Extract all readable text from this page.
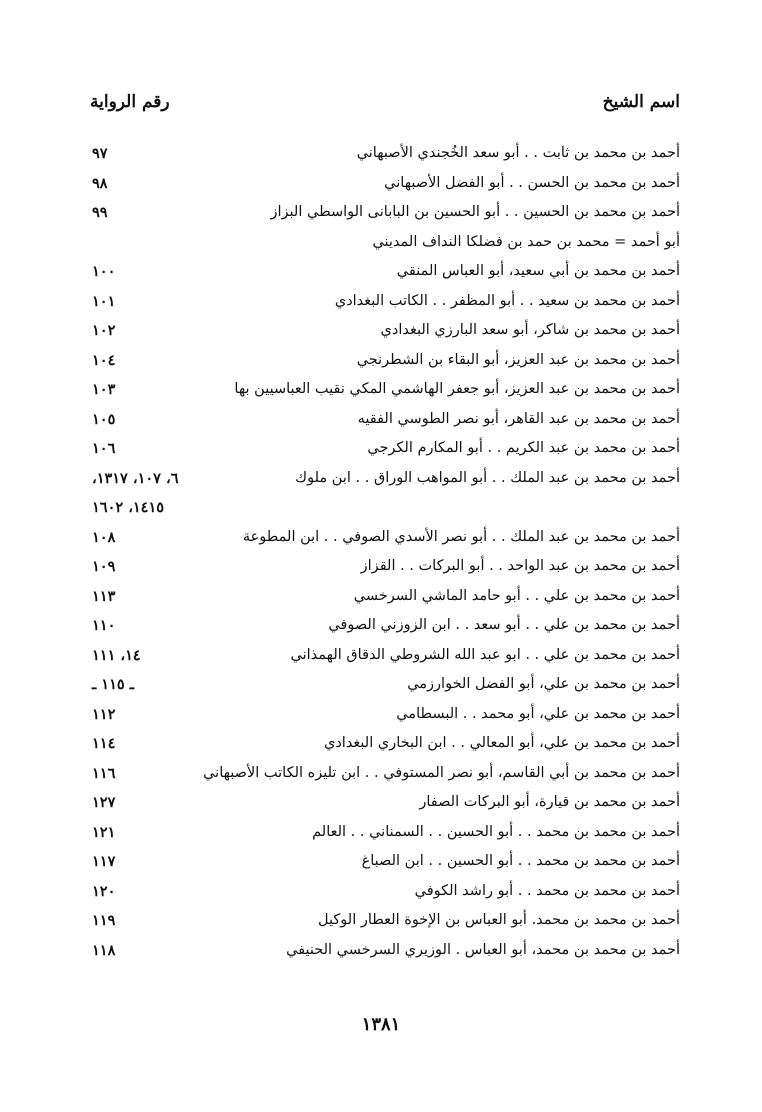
اسم الشيخ
رقم الرواية
أحمد بن محمد بن ثابت . . أبو سعد الخُجندي الأصبهاني
٩٧
أحمد بن محمد بن الحسن . . أبو الفضل الأصبهاني
٩٨
أحمد بن محمد بن الحسين . . أبو الحسين بن البابانى الواسطي البزاز
٩٩
أبو أحمد = محمد بن حمد بن فضلكا النداف المديني
أحمد بن محمد بن أبي سعيد، أبو العباس المنقي
١٠٠
أحمد بن محمد بن سعيد . . أبو المظفر . . الكاتب البغدادي
١٠١
أحمد بن محمد بن شاكر، أبو سعد البارزي البغدادي
١٠٢
أحمد بن محمد بن عبد العزيز، أبو البقاء بن الشطرنجي
١٠٤
أحمد بن محمد بن عبد العزيز، أبو جعفر الهاشمي المكي نقيب العباسيين بها
١٠٣
أحمد بن محمد بن عبد القاهر، أبو نصر الطوسي الفقيه
١٠٥
أحمد بن محمد بن عبد الكريم . . أبو المكارم الكرجي
١٠٦
أحمد بن محمد بن عبد الملك . . أبو المواهب الوراق . . ابن ملوك
٦، ١٠٧، ١٣١٧،
١٤١٥، ١٦٠٢
أحمد بن محمد بن عبد الملك . . أبو نصر الأسدي الصوفي . . ابن المطوعة
١٠٨
أحمد بن محمد بن عبد الواحد . . أبو البركات . . القزاز
١٠٩
أحمد بن محمد بن علي . . أبو حامد الماشي السرخسي
١١٣
أحمد بن محمد بن علي . . أبو سعد . . ابن الزوزني الصوفي
١١٠
أحمد بن محمد بن علي . . ابو عبد الله الشروطي الدقاق الهمذاني
١٤، ١١١
أحمد بن محمد بن علي، أبو الفضل الخوارزمي
ـ ١١٥ ـ
أحمد بن محمد بن علي، أبو محمد . . البسطامي
١١٢
أحمد بن محمد بن علي، أبو المعالي . . ابن البخاري البغدادي
١١٤
أحمد بن محمد بن أبي القاسم، أبو نصر المستوفي . . ابن تليزه الكاتب الأصبهاني
١١٦
أحمد بن محمد بن قيارة، أبو البركات الصفار
١٢٧
أحمد بن محمد بن محمد . . أبو الحسين . . السمناني . . العالم
١٢١
أحمد بن محمد بن محمد . . أبو الحسين . . ابن الصباغ
١١٧
أحمد بن محمد بن محمد . . أبو راشد الكوفي
١٢٠
أحمد بن محمد بن محمد. أبو العباس بن الإخوة العطار الوكيل
١١٩
أحمد بن محمد بن محمد، أبو العباس . الوزيري السرخسي الحنيفي
١١٨
١٣٨١
